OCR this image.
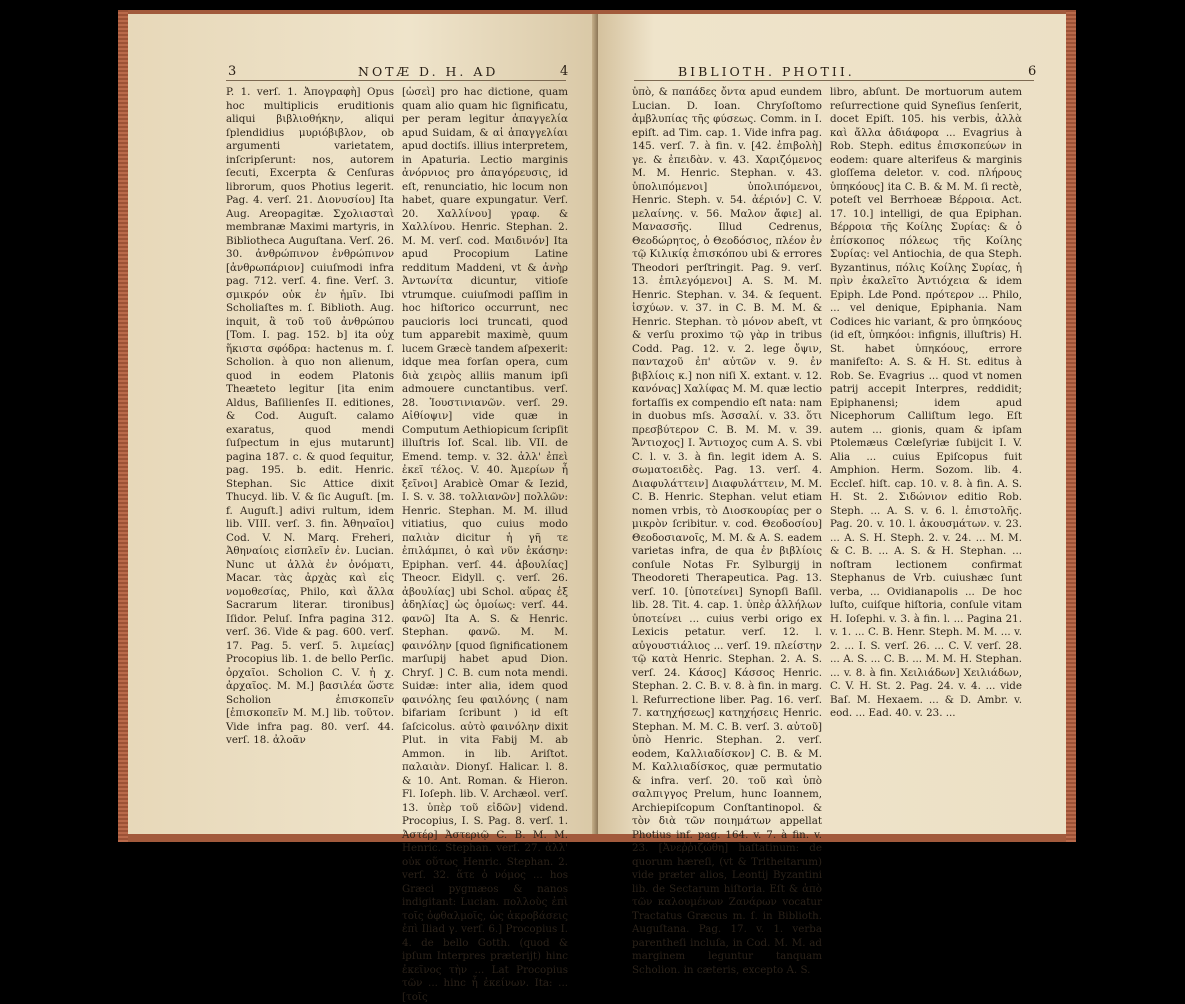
3	NOTÆ D. H. AD	4

P. 1. verſ. 1. Ἀπογραφὴ] Opus hoc multiplicis eruditionis aliqui βιβλιοθήκην, aliqui ſplendidius μυριόβιβλον, ob argumenti varietatem, inſcripſerunt: nos, autorem ſecuti, Excerpta & Cenſuras librorum, quos Photius legerit. Pag. 4. verſ. 21. Διονυσίου] Ita Aug. Areopagitæ. Σχολιασταὶ membranæ Maximi martyris, in Bibliotheca Auguſtana. Verſ. 26. 30. ἀνθρώπινον ἐνθρώπινον [ἀνθρωπάριον] cuiuſmodi infra pag. 712. verſ. 4. fine. Verſ. 3. σμικρόν οὐκ ἐν ἡμῖν. Ibi Scholiaſtes m. ſ. Biblioth. Aug. inquit, ἃ τοῦ τοῦ ἀνθρώπου [Tom. I. pag. 152. b] ita οὐχ ἥκιστα σφόδρα: hactenus m. ſ. Scholion. à quo non alienum, quod in eodem Platonis Theæteto legitur [ita enim Aldus, Baſilienſes II. editiones, & Cod. Auguſt. calamo exaratus, quod mendi ſuſpectum in ejus mutarunt] pagina 187. c. & quod ſequitur, pag. 195. b. edit. Henric. Stephan. Sic Attice dixit Thucyd. lib. V. & ſic Auguſt. [m. f. Auguſt.] adivi rultum, idem lib. VIII. verſ. 3. fin. Ἀθηναῖοι] Cod. V. N. Marq. Freheri, Ἀθηναίοις εἰσπλεῖν ἐν. Lucian. Nunc ut ἀλλὰ ἐν ὀνόματι, Macar. τὰς ἀρχὰς καὶ εἰς νομοθεσίας, Philo, καὶ ἄλλα Sacrarum literar. tironibus] Iſidor. Peluſ. Infra pagina 312. verſ. 36. Vide & pag. 600. verſ. 17. Pag. 5. verſ. 5. λιμείας] Procopius lib. 1. de bello Perſic. ὀρχαῖοι. Scholion C. V. ἡ χ. ἀρχαῖος. M. M.] βασιλέα ὥστε Scholion ἐπισκοπεῖν [ἐπισκοπεῖν M. M.] lib. τοῦτον. Vide infra pag. 80. verſ. 44. verſ. 18. ἀλοᾶν

[ὡσεὶ] pro hac dictione, quam quam alio quam hic ſignificatu, per peram legitur ἀπαγγελία apud Suidam, & αἱ ἀπαγγελίαι apud doctiſs. illius interpretem, in Apaturia. Lectio marginis ἀνόρνιος pro ἀπαγόρευσις, id eſt, renunciatio, hic locum non habet, quare expungatur. Verſ. 20. Χαλλίνου] γραφ. & Χαλλίνου. Henric. Stephan. 2. M. M. verſ. cod. Μαιδινόν] Ita apud Procopium Latine redditum Maddeni, vt & ἀνὴρ Ἀντωνίτα dicuntur, vitioſe vtrumque. cuiuſmodi paſſim in hoc hiſtorico occurrunt, nec paucioris loci truncati, quod tum apparebit maximè, quum lucem Græcè tandem aſpexerit: idque mea forſan opera, cum διὰ χειρὸς alliis manum ipſi admouere cunctantibus. verſ. 28. Ἰουστινιανῶν. verſ. 29. Αἰθίοψιν] vide quæ in Computum Aethiopicum ſcripſit illuſtris Iof. Scal. lib. VII. de Emend. temp. v. 32. ἀλλ' ἐπεὶ ἐκεῖ τέλος. V. 40. Ἀμερίων ἦ ξεῖνοι] Arabicè Omar & Iezid, I. S. v. 38. τολλιανῶν] πολλῶν: Henric. Stephan. M. M. illud vitiatius, quo cuius modo παλιὰν dicitur ἡ γῆ τε ἐπιλάμπει, ὁ καὶ νῦν ἑκάσην: Epiphan. verſ. 44. ἀβουλίας] Theocr. Eidyll. ς. verſ. 26. ἀβουλίας] ubi Schol. αὕρας ἐξ ἀδηλίας] ὡς ὁμοίως: verſ. 44. φανῶ] Ita A. S. & Henric. Stephan. φανῶ. M. M. φαινόλην [quod ſignificationem marſupij habet apud Dion. Chryſ. ] C. B. cum nota mendi. Suidæ: inter alia, idem quod φαινόλης ſeu φαιλόνης ( nam bifariam ſcribunt ) id eſt ſaſcicolus. αὐτὸ φαινόλην dixit Plut. in vita Fabij M. ab Ammon. in lib. Ariſtot. παλαιὰν. Dionyſ. Halicar. l. 8. & 10. Ant. Roman. & Hieron. Fl. Ioſeph. lib. V. Archæol. verſ. 13. ὑπὲρ τοῦ εἰδῶν] vidend. Procopius, I. S. Pag. 8. verſ. 1. Ἀστέρ] Ἀστεριῷ C. B. M. M. Henric. Stephan. verſ. 27. ἀλλ' οὐκ οὕτως Henric. Stephan. 2. verſ. 32. ἅτε ὁ νόμος ... hos Græci pygmæos & nanos indigitant: Lucian. πολλοὺς ἐπὶ τοῖς ὀφθαλμοῖς, ὡς ἀκροβάσεις ἐπὶ Iliad γ. verſ. 6.] Procopius I. 4. de bello Gotth. (quod & ipſum Interpres præterijt) hinc ἐκεῖνος τὴν ... Lat Procopius τῶν ... hinc ἦ ἐκείνων. Ita: ... [τοῖς

BIBLIOTH. PHOTII.	6

ὑπὸ, & παπάδες ὄντα apud eundem Lucian. D. Ioan. Chryſoſtomo ἀμβλυπίας τῆς φύσεως. Comm. in I. epiſt. ad Tim. cap. 1. Vide infra pag. 145. verſ. 7. à fin. v. [42. ἐπιβολὴ] γε. & ἐπειδὰν. v. 43. Χαριζόμενος M. M. Henric. Stephan. v. 43. ὑπολιπόμενοι] ὑπολιπόμενοι, Henric. Steph. v. 54. ἀέριόν] C. V. μελαίνης. v. 56. Μαλον ἄφιε] al. Μανασσῆς. Illud Cedrenus, Θεοδώρητος, ὁ Θεοδόσιος, πλέον ἐν τῷ Κιλικίᾳ ἐπισκόπου ubi & errores Theodori perſtringit. Pag. 9. verſ. 13. ἐπιλεγόμενοι] A. S. M. M. Henric. Stephan. v. 34. & ſequent. ἰσχύων. v. 37. in C. B. M. M. & Henric. Stephan. τὸ μόνον abeſt, vt & verſu proximo τῷ γὰρ in tribus Codd. Pag. 12. v. 2. lege ὄψιν, πανταχοῦ ἐπ' αὐτῶν v. 9. ἐν βιβλίοις κ.] non niſi X. extant. v. 12. κανόνας] Χαλίφας M. M. quæ lectio fortaſſis ex compendio eſt nata: nam in duobus mſs. Ἀσσαλί. v. 33. ὅτι πρεσβύτερον C. B. M. M. v. 39. Ἄντιοχος] I. Ἄντιοχος cum A. S. vbi C. l. v. 3. à fin. legit idem A. S. σωματοειδὲς. Pag. 13. verſ. 4. Διαφυλάττειν] Διαφυλάττειν, M. M. C. B. Henric. Stephan. velut etiam nomen vrbis, τὸ Διοσκουρίας per ο μικρὸν ſcribitur. v. cod. Θεοδοσίου] Θεοδοσιανοῖς, M. M. & A. S. eadem varietas infra, de qua ἐν βιβλίοις conſule Notas Fr. Sylburgij in Theodoreti Therapeutica. Pag. 13. verſ. 10. [ὑποτείνει] Synopſi Baſil. lib. 28. Tit. 4. cap. 1. ὑπὲρ ἀλλήλων ὑποτείνει ... cuius verbi origo ex Lexicis petatur. verſ. 12. l. αὐγουστιάλιος ... verſ. 19. πλείστην τῷ κατὰ Henric. Stephan. 2. A. S. verſ. 24. Κάσος] Κάσσος Henric. Stephan. 2. C. B. v. 8. à fin. in marg. l. Refurrectione liber. Pag. 16. verſ. 7. κατηχήσεως] κατηχήσεις Henric. Stephan. M. M. C. B. verſ. 3. αὐτοῦ] ὑπὸ Henric. Stephan. 2. verſ. eodem, Καλλιαδίσκον] C. B. & M. M. Καλλιαδίσκος, quæ permutatio & infra. verſ. 20. τοῦ καὶ ὑπὸ σαλπιγγος Prelum, hunc Ioannem, Archiepiſcopum Conſtantinopol. & τὸν διὰ τῶν ποιημάτων appellat Photius inf. pag. 164. v. 7. à fin. v. 23. [Ἀνεῤῥιζώθη] haſtatinum: de quorum hæreſi, (vt & Tritheitarum) vide præter alios, Leontij Byzantini lib. de Sectarum hiſtoria. Eſt & ἀπὸ τῶν καλουμένων Ζανάρων vocatur Tractatus Græcus m. ſ. in Biblioth. Auguſtana. Pag. 17. v. 1. verba parentheſi incluſa, in Cod. M. M. ad marginem leguntur tanquam Scholion. in cæteris, excepto A. S.

libro, abſunt. De mortuorum autem reſurrectione quid Syneſius ſenſerit, docet Epiſt. 105. his verbis, ἀλλὰ καὶ ἄλλα ἀδιάφορα ... Evagrius à Rob. Steph. editus ἐπισκοπεύων in eodem: quare alterifeus & marginis gloſſema deletor. v. cod. πλήρους ὑπηκόους] ita C. B. & M. M. ſi rectè, poteſt vel Berrhoeæ Βέρροια. Act. 17. 10.] intelligi, de qua Epiphan. Βέρροια τῆς Κοίλης Συρίας: & ὁ ἐπίσκοπος πόλεως τῆς Κοίλης Συρίας: vel Antiochia, de qua Steph. Byzantinus, πόλις Κοίλης Συρίας, ἡ πρὶν ἐκαλεῖτο Ἀντιόχεια & idem Epiph. Lde Pond. πρότερον ... Philo, ... vel denique, Epiphania. Nam Codices hic variant, & pro ὑπηκόους (id eſt, ὑπηκόοι: infignis, illuſtris) H. St. habet ὑπηκόους, errore manifeſto: A. S. & H. St. editus à Rob. Se. Evagrius ... quod vt nomen patrij accepit Interpres, reddidit; Epiphanensi; idem apud Nicephorum Calliſtum lego. Eſt autem ... gionis, quam & ipſam Ptolemæus Cœleſyriæ ſubijcit I. V. Alia ... cuius Epiſcopus fuit Amphion. Herm. Sozom. lib. 4. Eccleſ. hiſt. cap. 10. v. 8. à fin. A. S. H. St. 2. Σιδώνιον editio Rob. Steph. ... A. S. v. 6. l. ἐπιστολῆς. Pag. 20. v. 10. l. ἀκουσμάτων. v. 23. ... A. S. H. Steph. 2. v. 24. ... M. M. & C. B. ... A. S. & H. Stephan. ... noſtram lectionem confirmat Stephanus de Vrb. cuiushæc ſunt verba, ... Ovidianapolis ... De hoc luſto, cuiſque hiſtoria, conſule vitam H. Ioſephi. v. 3. à fin. l. ... Pagina 21. v. 1. ... C. B. Henr. Steph. M. M. ... v. 2. ... I. S. verſ. 26. ... C. V. verſ. 28. ... A. S. ... C. B. ... M. M. H. Stephan. ... v. 8. à fin. Χειλιάδων] Χειλιάδων, C. V. H. St. 2. Pag. 24. v. 4. ... vide Baſ. M. Hexaem. ... & D. Ambr. v. eod. ... Ead. 40. v. 23. ...
